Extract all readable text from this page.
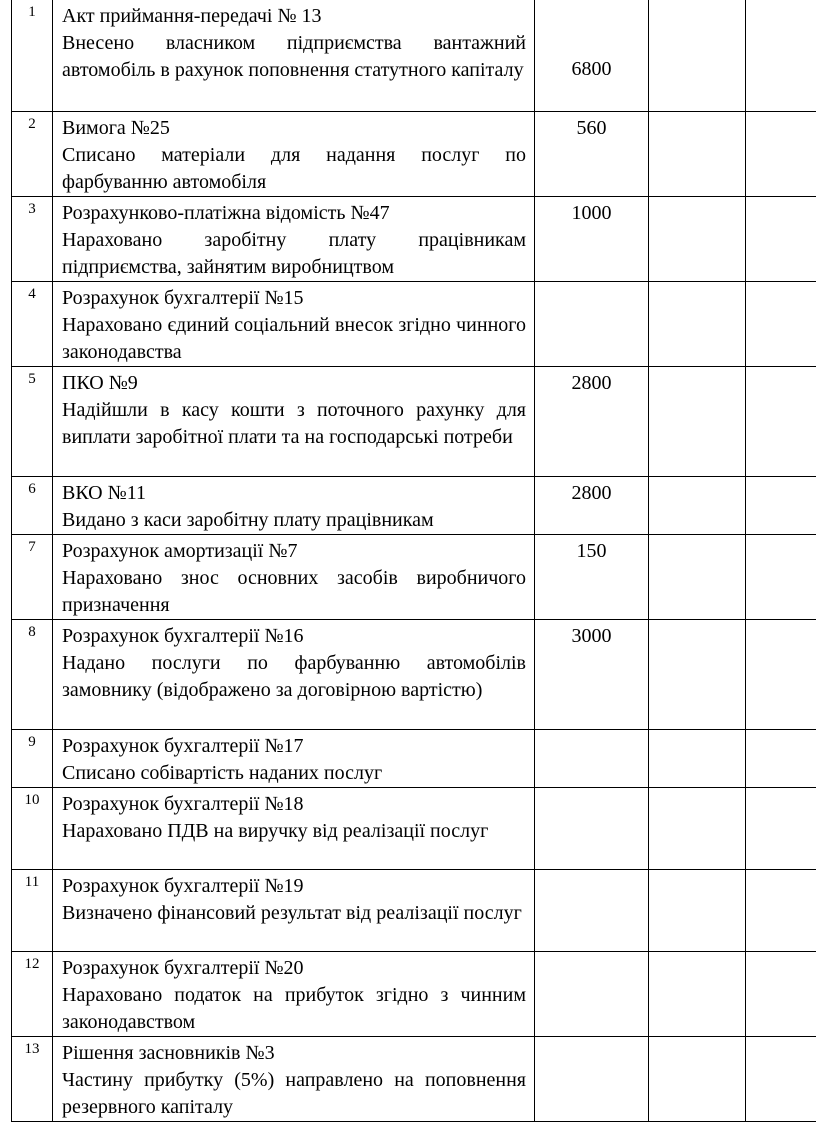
1	Акт приймання-передачі № 13
Внесено власником підприємства вантажний автомобіль в рахунок поповнення статутного капіталу	6800		

2	Вимога №25
Списано матеріали для надання послуг по фарбуванню автомобіля	560		

3	Розрахунково-платіжна відомість №47
Нараховано заробітну плату працівникам підприємства, зайнятим виробництвом	1000		

4	Розрахунок бухгалтерії №15
Нараховано єдиний соціальний внесок згідно чинного законодавства			

5	ПКО №9
Надійшли в касу кошти з поточного рахунку для виплати заробітної плати та на господарські потреби	2800		

6	ВКО №11
Видано з каси заробітну плату працівникам	2800		

7	Розрахунок амортизації №7
Нараховано знос основних засобів виробничого призначення	150		

8	Розрахунок бухгалтерії №16
Надано послуги по фарбуванню автомобілів замовнику (відображено за договірною вартістю)	3000		

9	Розрахунок бухгалтерії №17
Списано собівартість наданих послуг			

10	Розрахунок бухгалтерії №18
Нараховано ПДВ на виручку від реалізації послуг			

11	Розрахунок бухгалтерії №19
Визначено фінансовий результат від реалізації послуг			

12	Розрахунок бухгалтерії №20
Нараховано податок на прибуток згідно з чинним законодавством			

13	Рішення засновників №3
Частину прибутку (5%) направлено на поповнення резервного капіталу			
